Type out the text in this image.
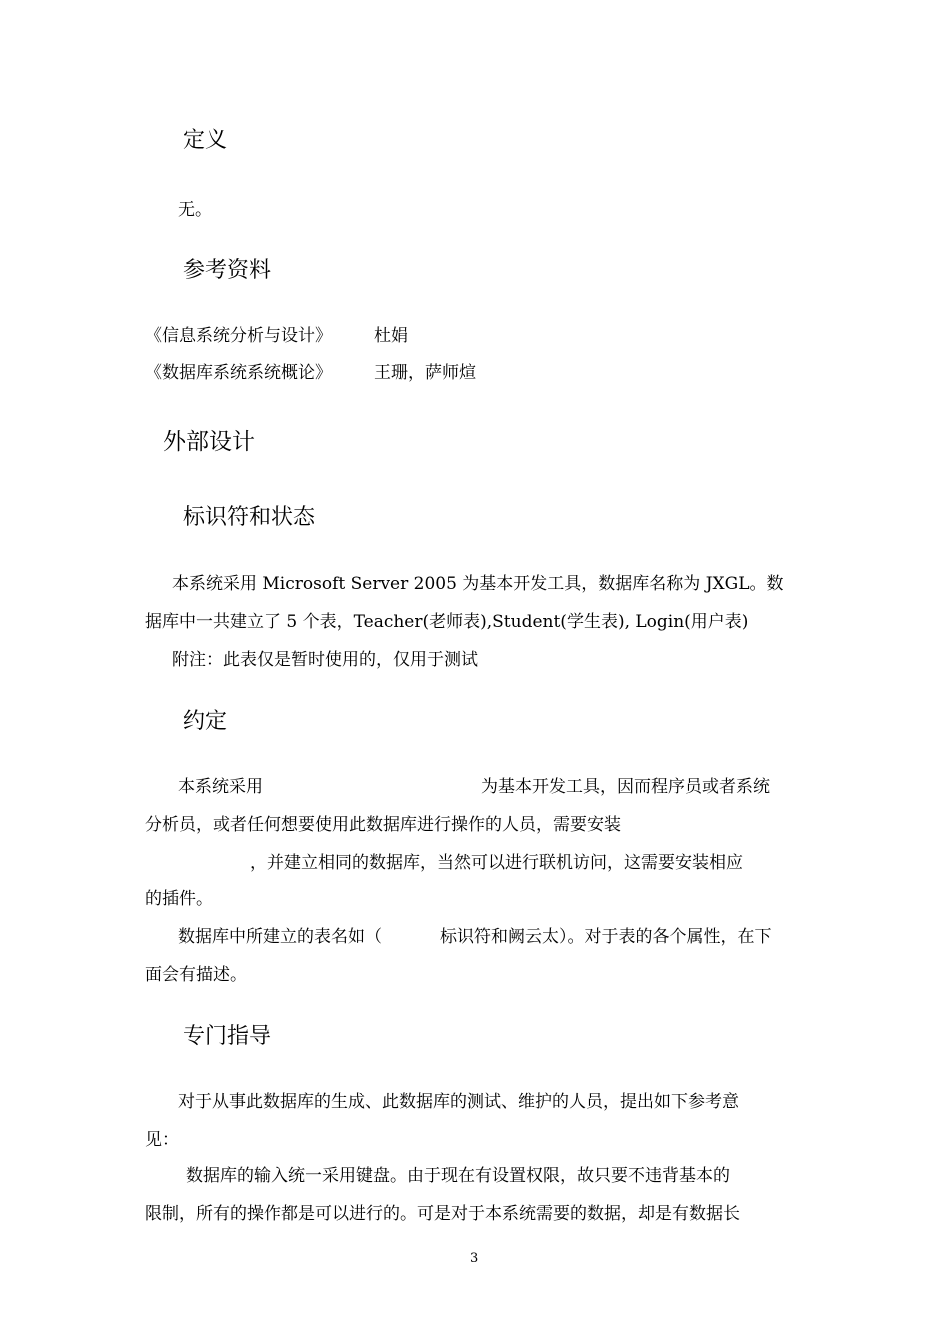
定义
无。
参考资料
《信息系统分析与设计》 杜娟
《数据库系统系统概论》 王珊，萨师煊
外部设计
标识符和状态
本系统采用 Microsoft Server 2005 为基本开发工具，数据库名称为 JXGL。数
据库中一共建立了 5 个表，Teacher(老师表),Student(学生表), Login(用户表)
附注：此表仅是暂时使用的，仅用于测试
约定
本系统采用	为基本开发工具，因而程序员或者系统
分析员，或者任何想要使用此数据库进行操作的人员，需要安装
，并建立相同的数据库，当然可以进行联机访问，这需要安装相应
的插件。
数据库中所建立的表名如（	标识符和阙云太）。对于表的各个属性，在下
面会有描述。
专门指导
对于从事此数据库的生成、此数据库的测试、维护的人员，提出如下参考意
见：
数据库的输入统一采用键盘。由于现在有设置权限，故只要不违背基本的
限制，所有的操作都是可以进行的。可是对于本系统需要的数据，却是有数据长
3
